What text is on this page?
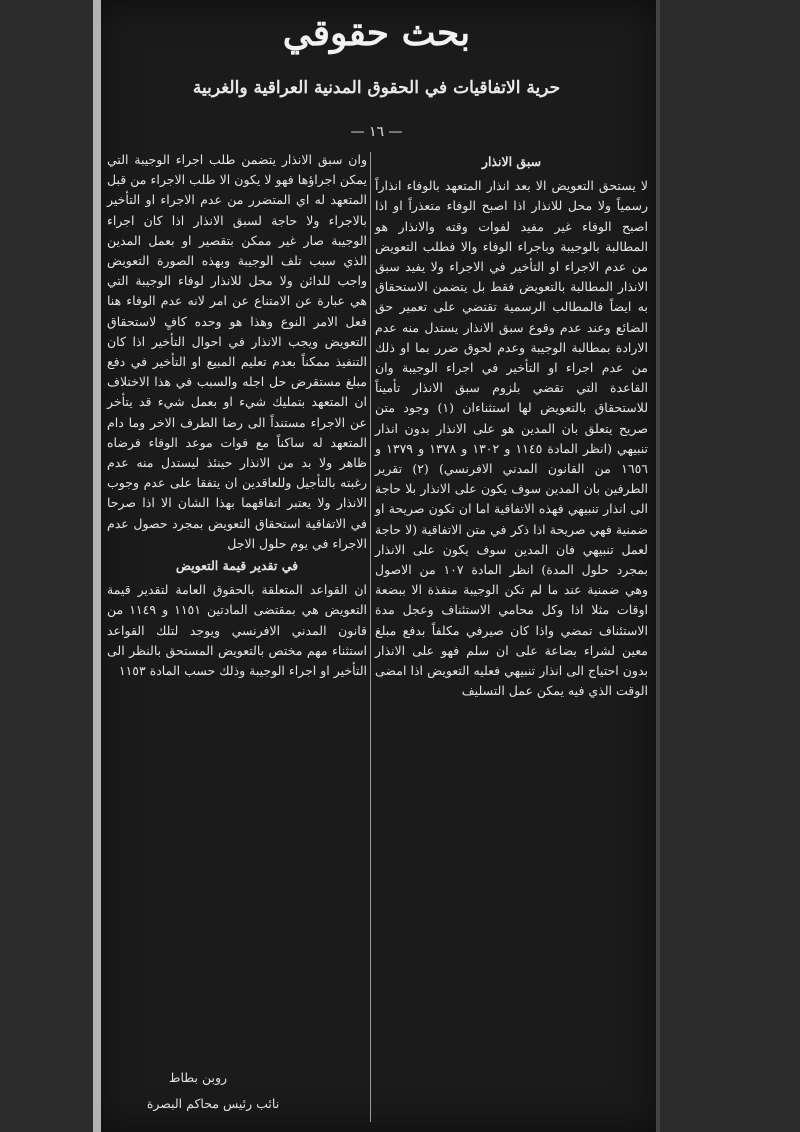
بحث حقوقي
حرية الاتفاقيات في الحقوق المدنية العراقية والغربية
— ١٦ —
سبق الانذار

لا يستحق التعويض الا بعد انذار المتعهد بالوفاء انذاراً رسمياً ولا محل للانذار اذا اصبح الوفاء متعذراً او اذا اصبح الوفاء غير مفيد لفوات وقته والانذار هو المطالبة بالوجيبة وباجراء الوفاء والا فطلب التعويض من عدم الاجراء او التأخير في الاجراء ولا يفيد سبق الانذار المطالبة بالتعويض فقط بل يتضمن الاستحقاق به ايضاً فالمطالب الرسمية تقتضي على تعمير حق الضائع وعند عدم وقوع سبق الانذار يستدل منه عدم الارادة بمطالبة الوجيبة وعدم لحوق ضرر بما او ذلك من عدم اجراء او التأخير في اجراء الوجيبة وان القاعدة التي تقضي بلزوم سبق الانذار تأميناً للاستحقاق بالتعويض لها استثناءان (١) وجود متن صريح يتعلق بان المدين هو على الانذار بدون انذار تنبيهي (انظر المادة ١١٤٥ و ١٣٠٢ و ١٣٧٨ و ١٣٧٩ و ١٦٥٦ من القانون المدني الافرنسي) (٢) تقرير الطرفين بان المدين سوف يكون على الانذار بلا حاجة الى انذار تنبيهي فهذه الاتفاقية اما ان تكون صريحة او ضمنية فهي صريحة اذا ذكر في متن الاتفاقية (لا حاجة لعمل تنبيهي فان المدين سوف يكون على الانذار بمجرد حلول المدة) انظر المادة ١٠٧ من الاصول وهي ضمنية عند ما لم تكن الوجيبة منفذة الا ببضعة اوقات مثلا اذا وكل محامي الاستئناف وعجل مدة الاستئناف تمضي واذا كان صيرفي مكلفاً بدفع مبلغ معين لشراء بضاعة على ان سلم فهو على الانذار بدون احتياج الى انذار تنبيهي فعليه التعويض اذا امضى الوقت الذي فيه يمكن عمل التسليف

وان سبق الانذار يتضمن طلب اجراء الوجيبة التي يمكن اجراؤها فهو لا يكون الا طلب الاجراء من قبل المتعهد له اي المتضرر من عدم الاجراء او التأخير بالاجراء ولا حاجة لسبق الانذار اذا كان اجراء الوجيبة صار غير ممكن بتقصير او بعمل المدين الذي سبب تلف الوجيبة وبهذه الصورة التعويض واجب للدائن ولا محل للانذار لوفاء الوجيبة التي هي عبارة عن الامتناع عن امر لانه عدم الوفاء هنا فعل الامر النوع وهذا هو وحده كافٍ لاستحقاق التعويض ويجب الانذار في احوال التأخير اذا كان التنفيذ ممكناً بعدم تعليم المبيع او التأخير في دفع مبلغ مستقرض حل اجله والسبب في هذا الاختلاف ان المتعهد بتمليك شيء او بعمل شيء قد يتأخر عن الاجراء مستنداً الى رضا الطرف الاخر وما دام المتعهد له ساكناً مع فوات موعد الوفاء فرضاه ظاهر ولا بد من الانذار حينئذ ليستدل منه عدم رغبته بالتأجيل وللعاقدين ان يتفقا على عدم وجوب الانذار ولا يعتبر اتفاقهما بهذا الشان الا اذا صرحا في الاتفاقية استحقاق التعويض بمجرد حصول عدم الاجراء في يوم حلول الاجل

في تقدير قيمة التعويض

ان القواعد المتعلقة بالحقوق العامة لتقدير قيمة التعويض هي بمقتضى المادتين ١١٥١ و ١١٤٩ من قانون المدني الافرنسي ويوجد لتلك القواعد استثناء مهم مختص بالتعويض المستحق بالنظر الى التأخير او اجراء الوجيبة وذلك حسب المادة ١١٥٣

روبن بطاط
نائب رئيس محاكم البصرة
